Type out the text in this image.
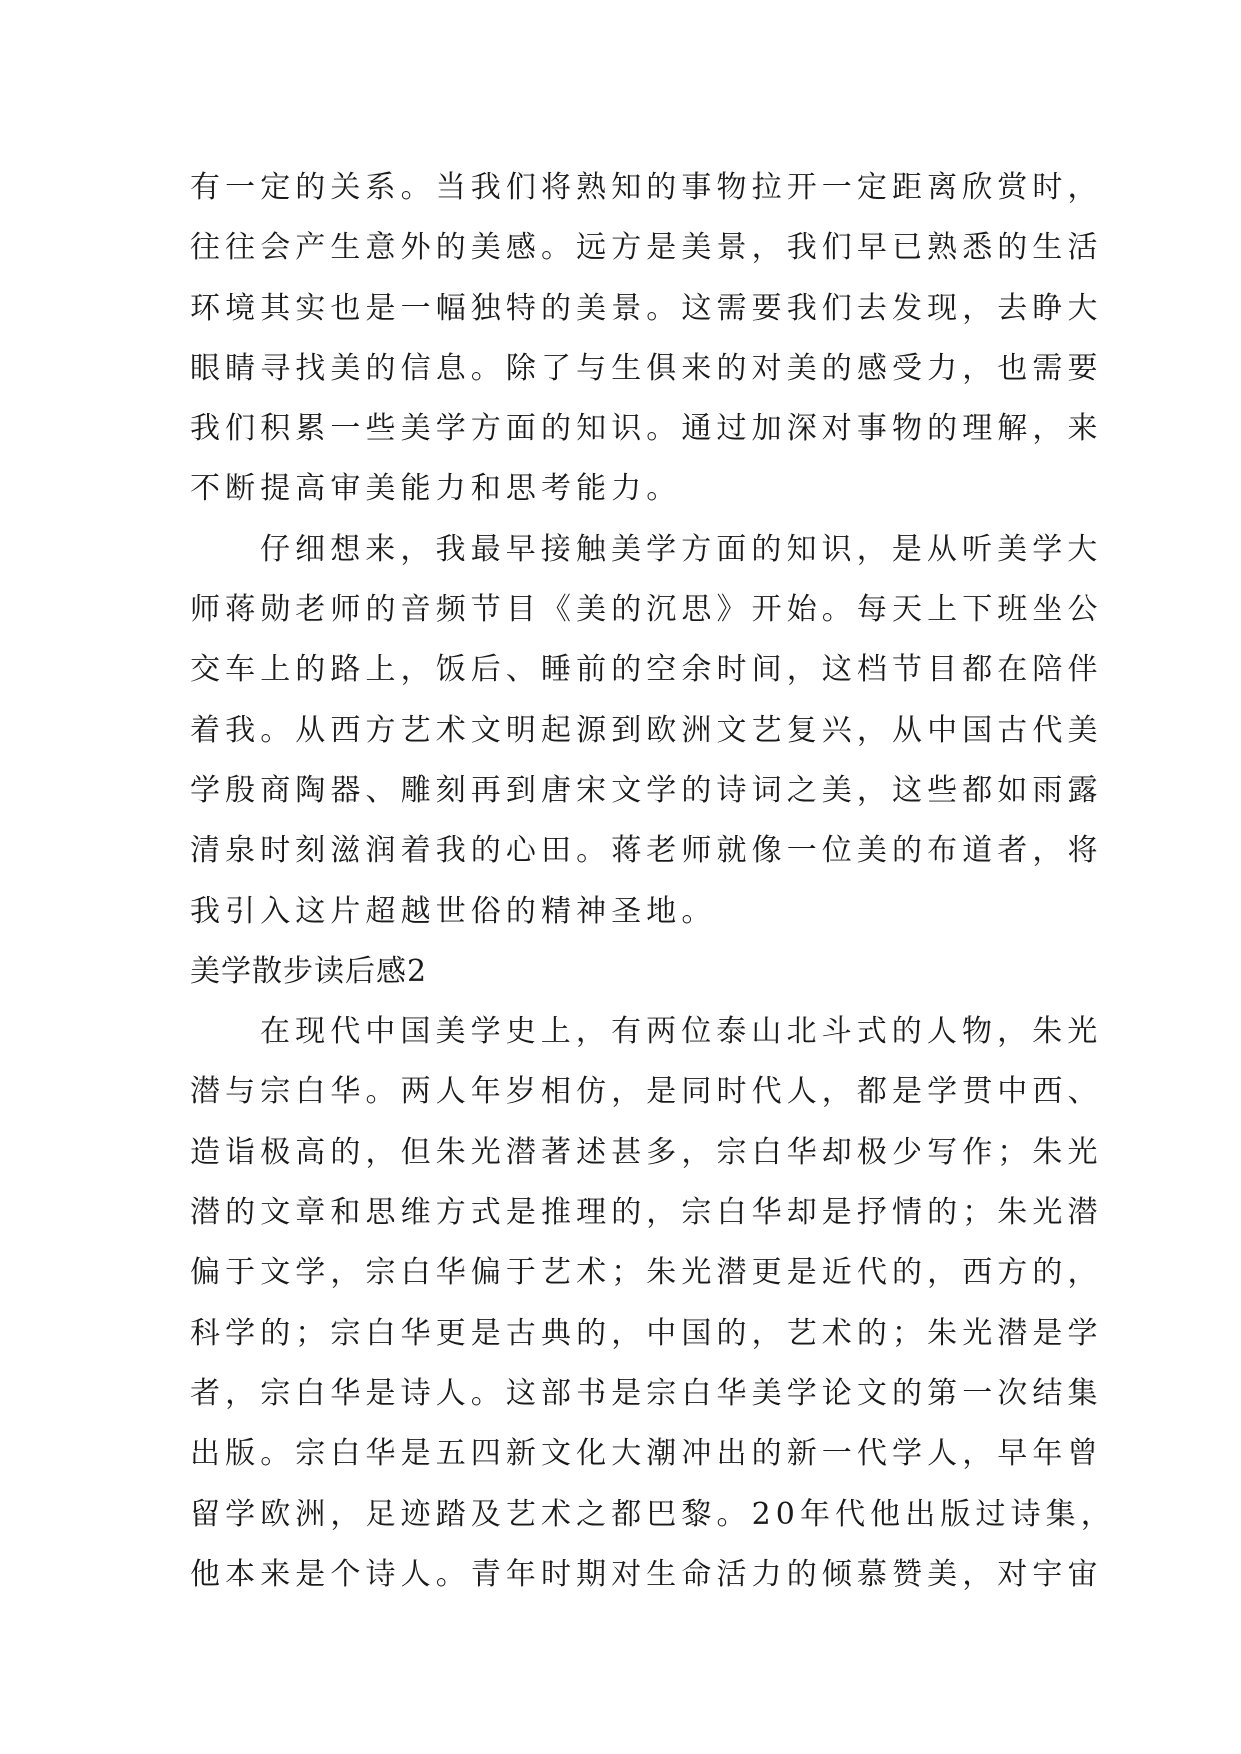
有一定的关系。当我们将熟知的事物拉开一定距离欣赏时，
往往会产生意外的美感。远方是美景，我们早已熟悉的生活
环境其实也是一幅独特的美景。这需要我们去发现，去睁大
眼睛寻找美的信息。除了与生俱来的对美的感受力，也需要
我们积累一些美学方面的知识。通过加深对事物的理解，来
不断提高审美能力和思考能力。
仔细想来，我最早接触美学方面的知识，是从听美学大
师蒋勋老师的音频节目《美的沉思》开始。每天上下班坐公
交车上的路上，饭后、睡前的空余时间，这档节目都在陪伴
着我。从西方艺术文明起源到欧洲文艺复兴，从中国古代美
学殷商陶器、雕刻再到唐宋文学的诗词之美，这些都如雨露
清泉时刻滋润着我的心田。蒋老师就像一位美的布道者，将
我引入这片超越世俗的精神圣地。
美学散步读后感2
在现代中国美学史上，有两位泰山北斗式的人物，朱光
潜与宗白华。两人年岁相仿，是同时代人，都是学贯中西、
造诣极高的，但朱光潜著述甚多，宗白华却极少写作；朱光
潜的文章和思维方式是推理的，宗白华却是抒情的；朱光潜
偏于文学，宗白华偏于艺术；朱光潜更是近代的，西方的，
科学的；宗白华更是古典的，中国的，艺术的；朱光潜是学
者，宗白华是诗人。这部书是宗白华美学论文的第一次结集
出版。宗白华是五四新文化大潮冲出的新一代学人，早年曾
留学欧洲，足迹踏及艺术之都巴黎。20年代他出版过诗集，
他本来是个诗人。青年时期对生命活力的倾慕赞美，对宇宙
